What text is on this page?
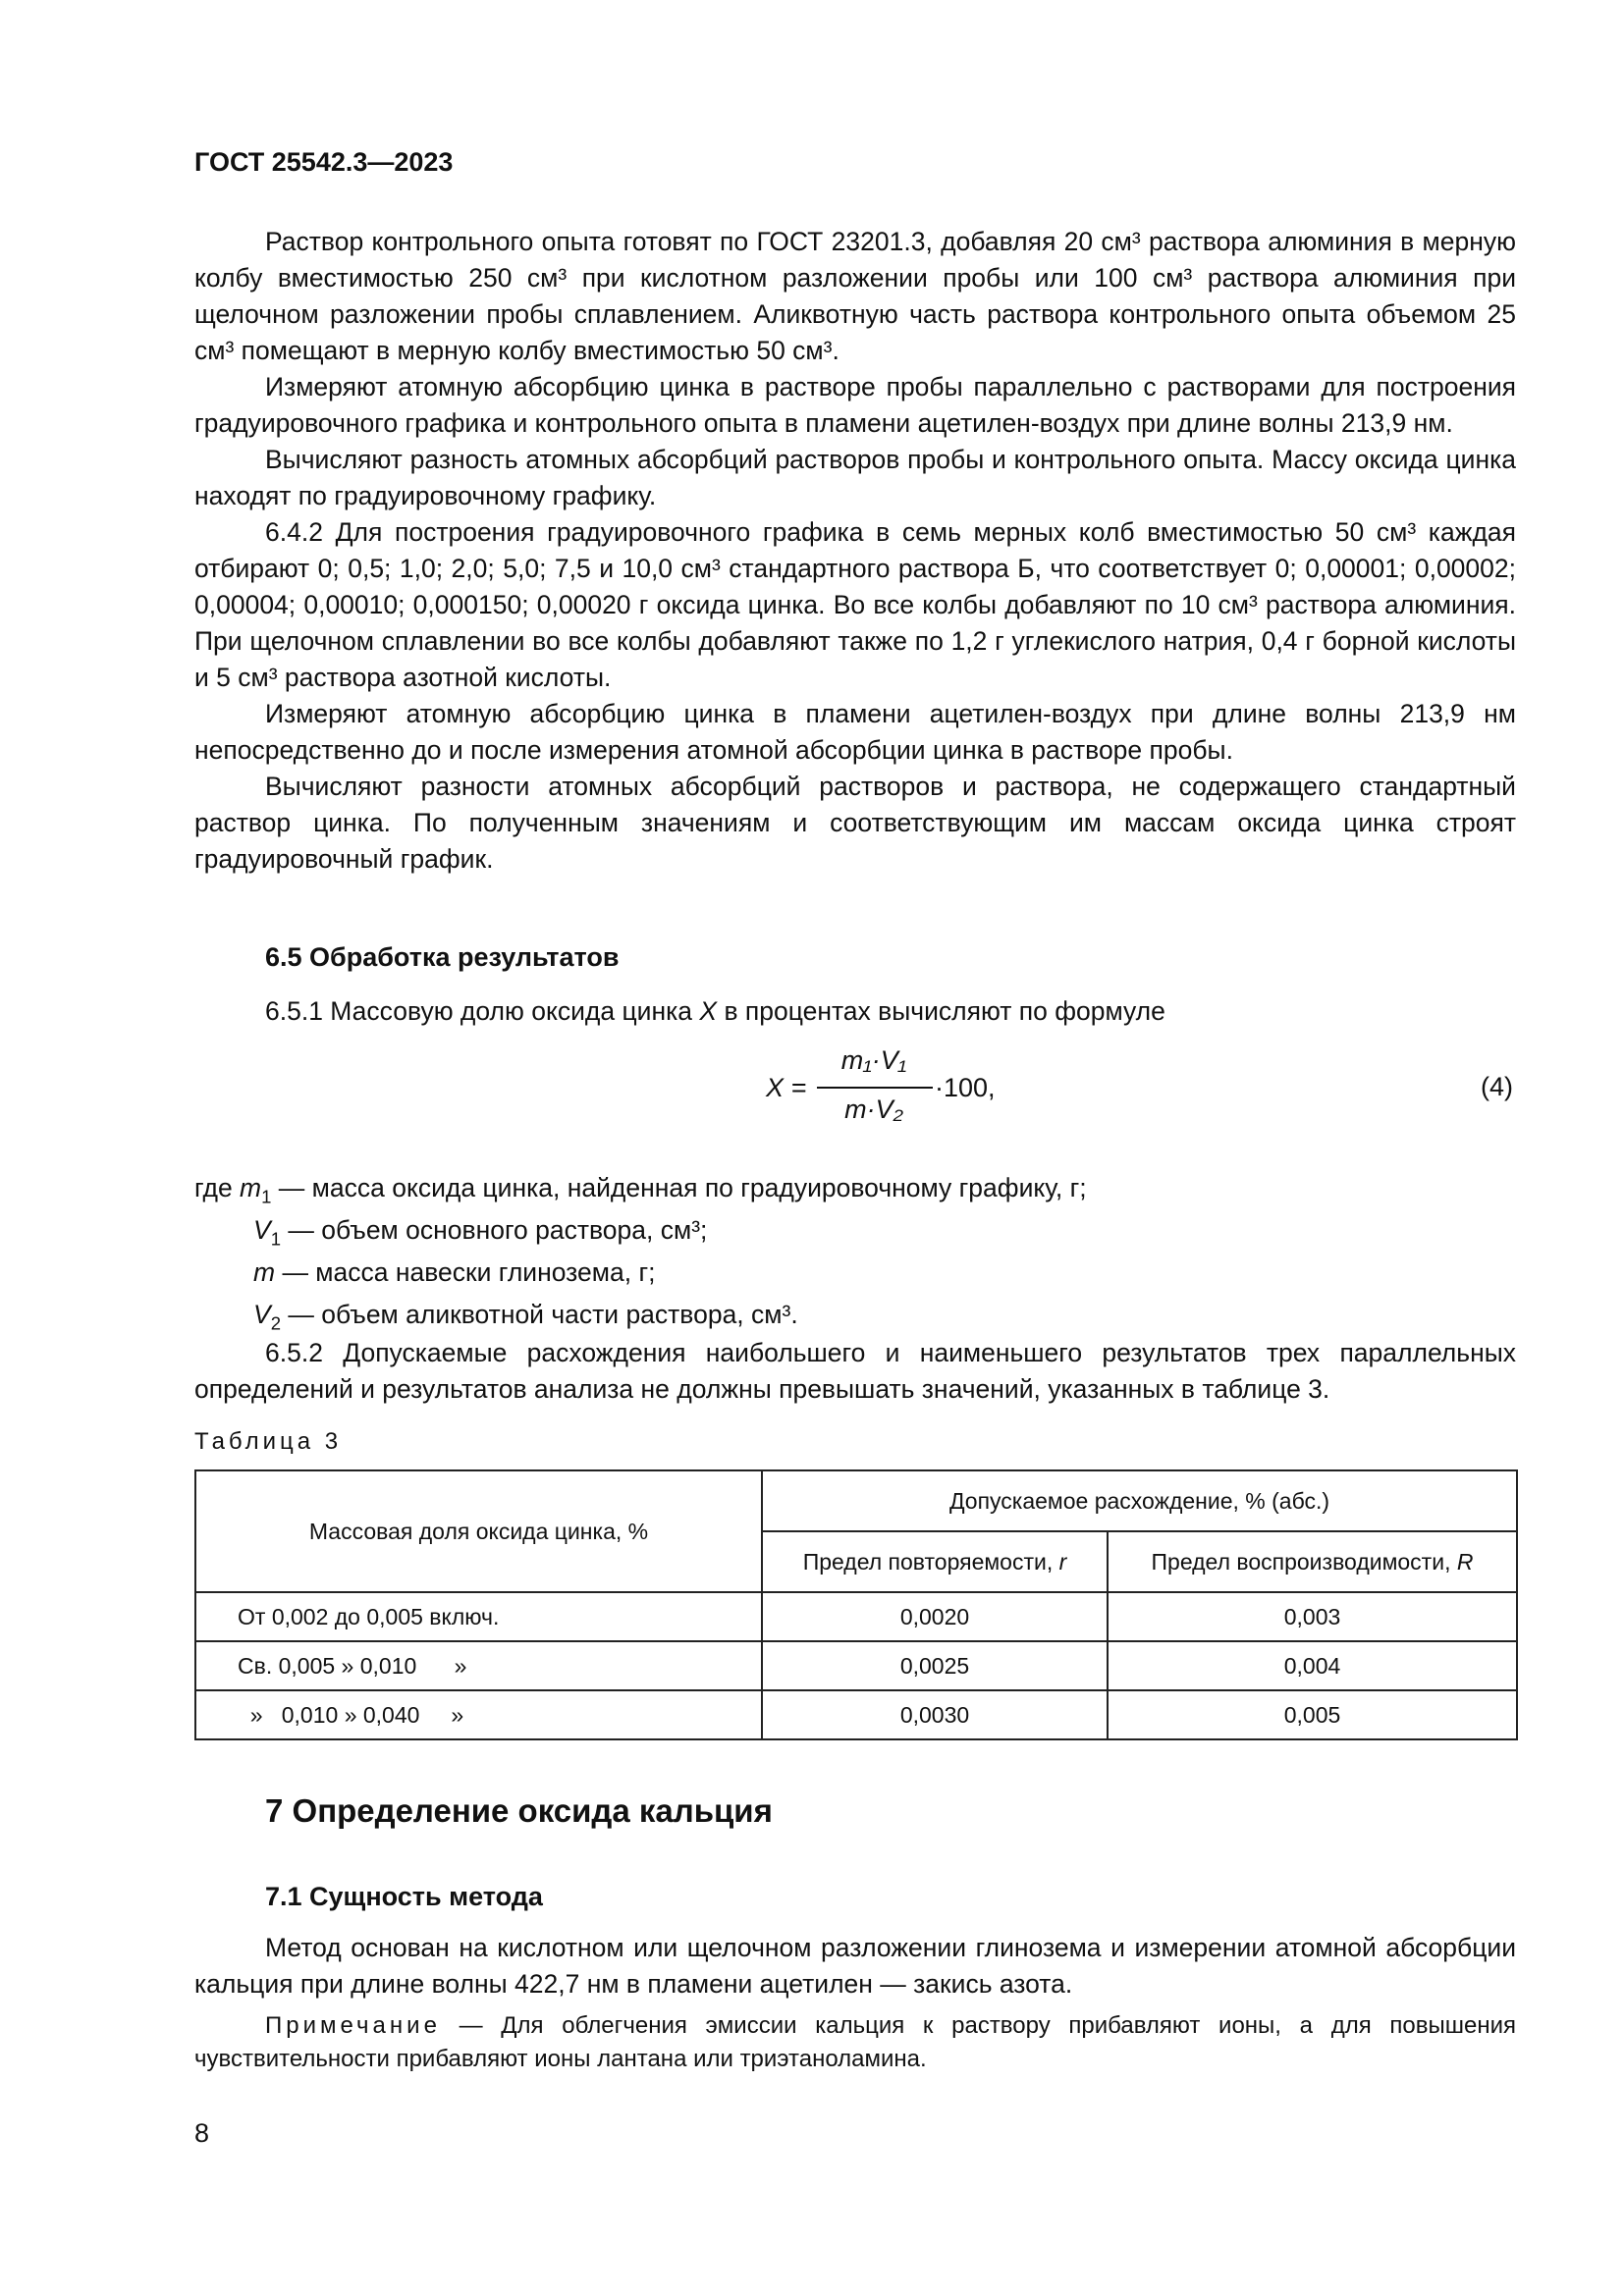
ГОСТ 25542.3—2023

Раствор контрольного опыта готовят по ГОСТ 23201.3, добавляя 20 см³ раствора алюминия в мерную колбу вместимостью 250 см³ при кислотном разложении пробы или 100 см³ раствора алюминия при щелочном разложении пробы сплавлением. Аликвотную часть раствора контрольного опыта объемом 25 см³ помещают в мерную колбу вместимостью 50 см³.

Измеряют атомную абсорбцию цинка в растворе пробы параллельно с растворами для построения градуировочного графика и контрольного опыта в пламени ацетилен-воздух при длине волны 213,9 нм.

Вычисляют разность атомных абсорбций растворов пробы и контрольного опыта. Массу оксида цинка находят по градуировочному графику.

6.4.2 Для построения градуировочного графика в семь мерных колб вместимостью 50 см³ каждая отбирают 0; 0,5; 1,0; 2,0; 5,0; 7,5 и 10,0 см³ стандартного раствора Б, что соответствует 0; 0,00001; 0,00002; 0,00004; 0,00010; 0,000150; 0,00020 г оксида цинка. Во все колбы добавляют по 10 см³ раствора алюминия. При щелочном сплавлении во все колбы добавляют также по 1,2 г углекислого натрия, 0,4 г борной кислоты и 5 см³ раствора азотной кислоты.

Измеряют атомную абсорбцию цинка в пламени ацетилен-воздух при длине волны 213,9 нм непосредственно до и после измерения атомной абсорбции цинка в растворе пробы.

Вычисляют разности атомных абсорбций растворов и раствора, не содержащего стандартный раствор цинка. По полученным значениям и соответствующим им массам оксида цинка строят градуировочный график.

6.5 Обработка результатов
6.5.1 Массовую долю оксида цинка X в процентах вычисляют по формуле
X =
m₁·V₁
m·V₂
·100,	(4)
где $m_1$ — масса оксида цинка, найденная по градуировочному графику, г;
$V_1$ — объем основного раствора, см³;
m — масса навески глинозема, г;
$V_2$ — объем аликвотной части раствора, см³.

6.5.2 Допускаемые расхождения наибольшего и наименьшего результатов трех параллельных определений и результатов анализа не должны превышать значений, указанных в таблице 3.

Таблица 3
Массовая доля оксида цинка, %	Допускаемое расхождение, % (абс.)	
	Предел повторяемости, r	Предел воспроизводимости, R
От 0,002 до 0,005 включ.	0,0020	0,003
Св. 0,005 » 0,010      »	0,0025	0,004
»   0,010 » 0,040     »	0,0030	0,005
7 Определение оксида кальция
7.1 Сущность метода

Метод основан на кислотном или щелочном разложении глинозема и измерении атомной абсорбции кальция при длине волны 422,7 нм в пламени ацетилен — закись азота.

Примечание — Для облегчения эмиссии кальция к раствору прибавляют ионы, а для повышения чувствительности прибавляют ионы лантана или триэтаноламина.

8
